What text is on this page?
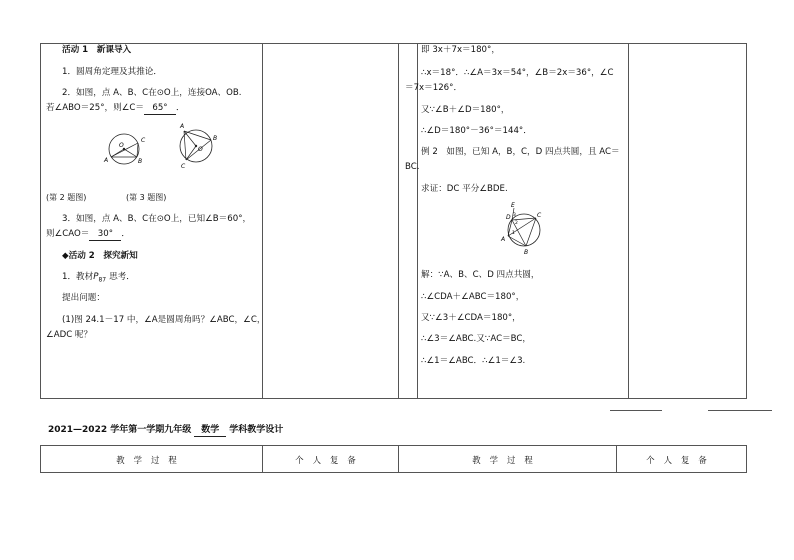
活动 1　新课导入
1．圆周角定理及其推论．
2．如图，点 A、B、C在⊙O上，连接OA、OB.
若∠ABO＝25°，则∠C＝ 65° ．
O
A	B
C
A
B
C
O
(第 2 题图)	(第 3 题图)
3．如图，点 A、B、C在⊙O上，已知∠B＝60°，
则∠CAO＝ 30° ．
◆活动 2　探究新知
1．教材$P_{87}$ 思考．
提出问题：
(1)图 24.1－17 中，∠A是圆周角吗？∠ABC，∠C，
∠ADC 呢？
即 3x＋7x＝180°，
∴x＝18°．∴∠A＝3x＝54°，∠B＝2x＝36°，∠C
＝7x＝126°．
又∵∠B＋∠D＝180°，
∴∠D＝180°－36°＝144°．
例 2　如图，已知 A，B，C，D 四点共圆，且 AC＝
BC.
求证：DC 平分∠BDE.
E
D	C
A
B
3
2
1
解：∵A、B、C、D 四点共圆，
∴∠CDA＋∠ABC＝180°，
又∵∠3＋∠CDA＝180°，
∴∠3＝∠ABC.又∵AC＝BC，
∴∠1＝∠ABC．∴∠1＝∠3.
2021—2022 学年第一学期九年级 数学 学科教学设计
教学过程	个人复备	教学过程	个人复备
